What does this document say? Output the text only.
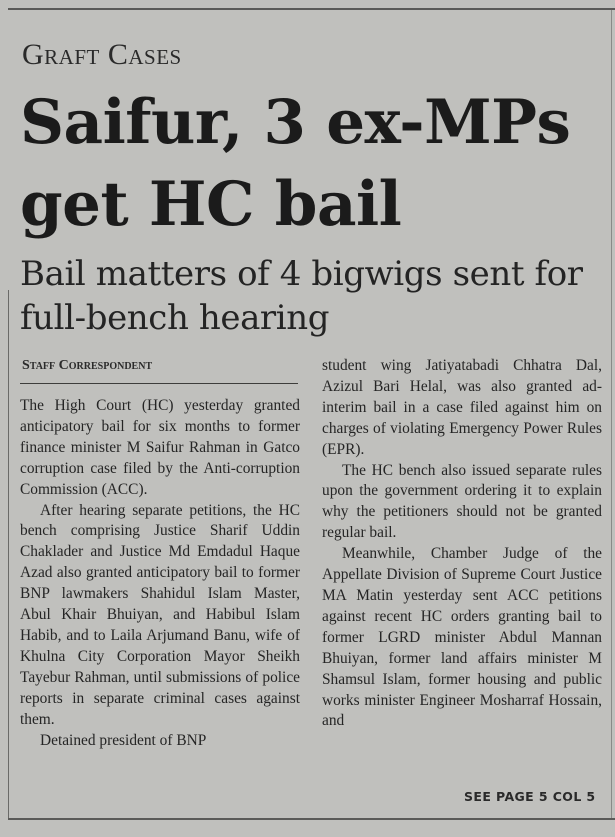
Graft Cases
Saifur, 3 ex-MPs get HC bail
Bail matters of 4 bigwigs sent for full-bench hearing
Staff Correspondent

The High Court (HC) yesterday granted anticipatory bail for six months to former finance minister M Saifur Rahman in Gatco corruption case filed by the Anti-corruption Commission (ACC).

After hearing separate petitions, the HC bench comprising Justice Sharif Uddin Chaklader and Justice Md Emdadul Haque Azad also granted anticipatory bail to former BNP lawmakers Shahidul Islam Master, Abul Khair Bhuiyan, and Habibul Islam Habib, and to Laila Arjumand Banu, wife of Khulna City Corporation Mayor Sheikh Tayebur Rahman, until submissions of police reports in separate criminal cases against them.

Detained president of BNP

student wing Jatiyatabadi Chhatra Dal, Azizul Bari Helal, was also granted ad-interim bail in a case filed against him on charges of violating Emergency Power Rules (EPR).

The HC bench also issued separate rules upon the government ordering it to explain why the petitioners should not be granted regular bail.

Meanwhile, Chamber Judge of the Appellate Division of Supreme Court Justice MA Matin yesterday sent ACC petitions against recent HC orders granting bail to former LGRD minister Abdul Mannan Bhuiyan, former land affairs minister M Shamsul Islam, former housing and public works minister Engineer Mosharraf Hossain, and

SEE PAGE 5 COL 5
